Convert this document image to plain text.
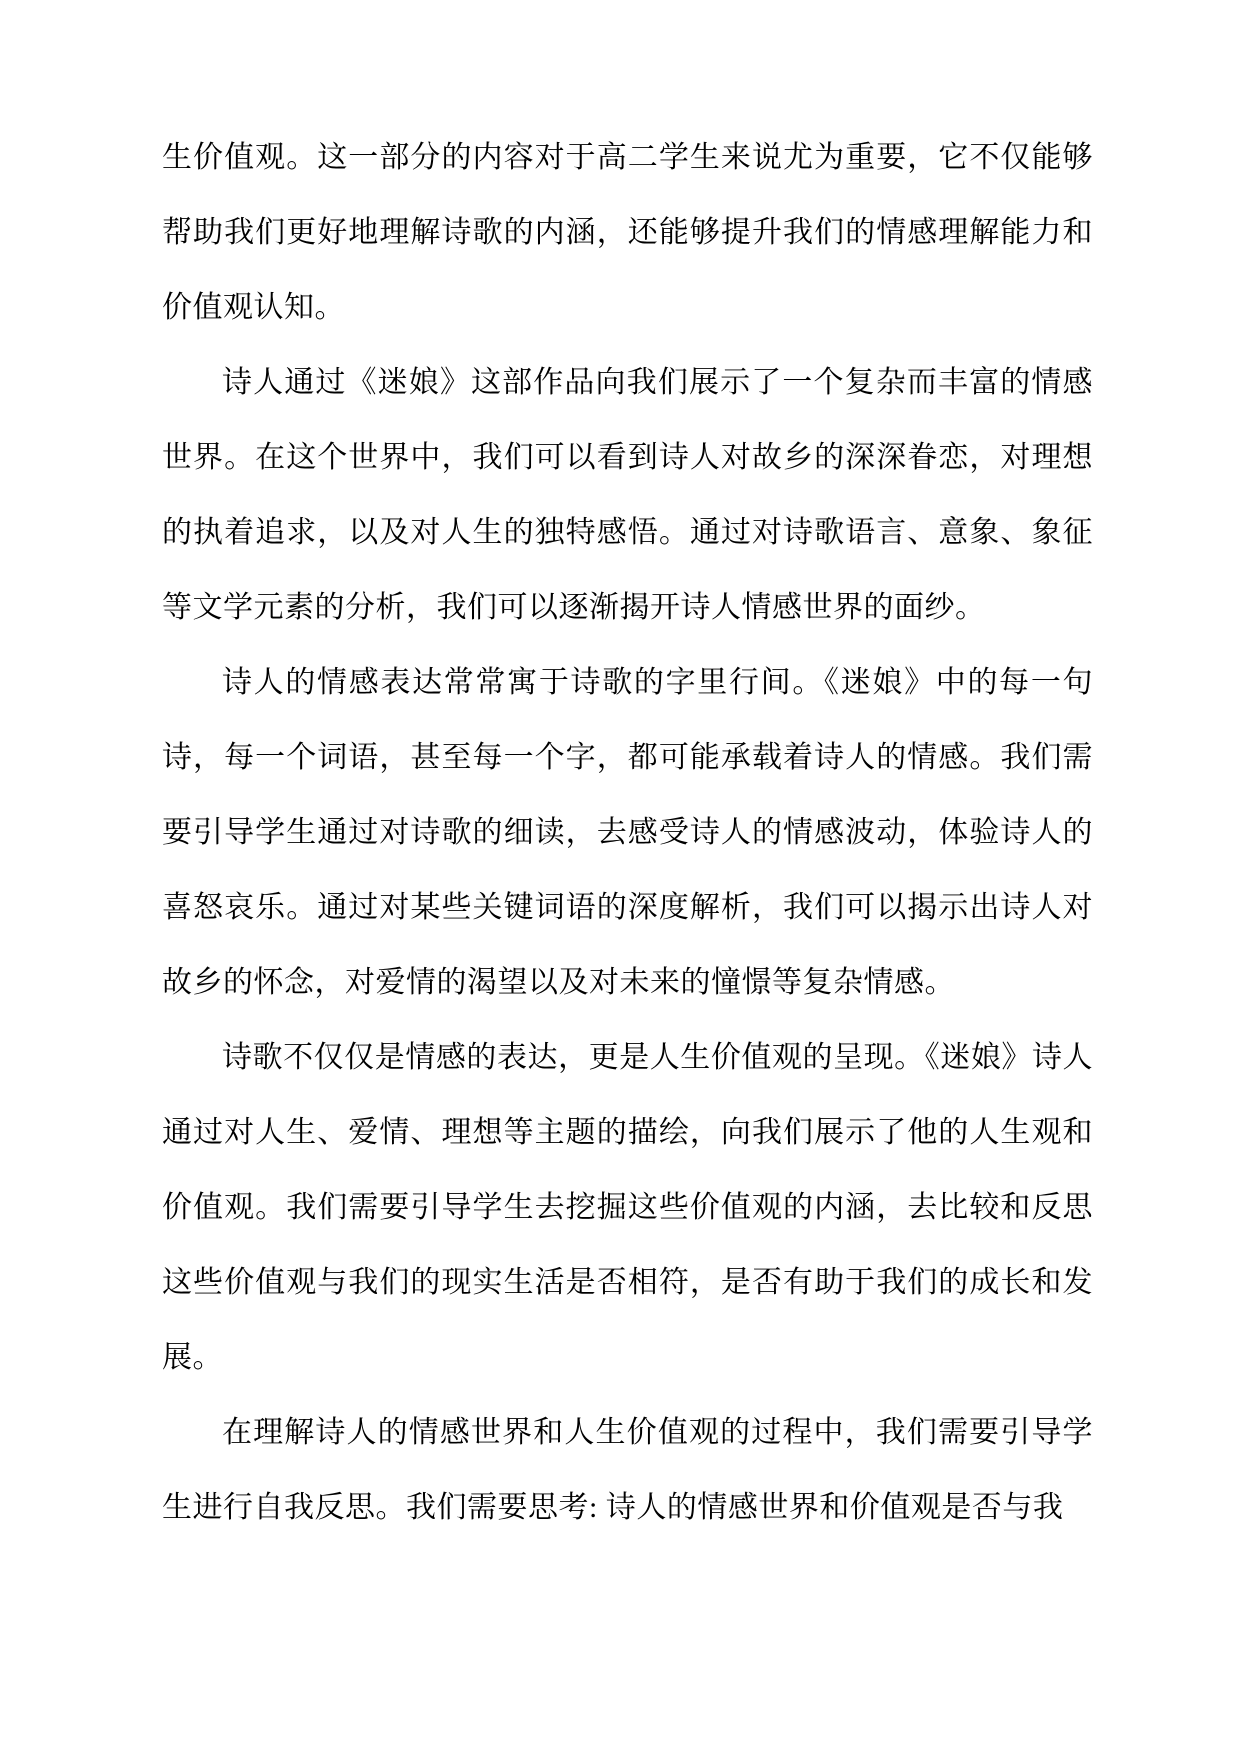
生价值观。这一部分的内容对于高二学生来说尤为重要，它不仅能够帮助我们更好地理解诗歌的内涵，还能够提升我们的情感理解能力和价值观认知。

诗人通过《迷娘》这部作品向我们展示了一个复杂而丰富的情感世界。在这个世界中，我们可以看到诗人对故乡的深深眷恋，对理想的执着追求，以及对人生的独特感悟。通过对诗歌语言、意象、象征等文学元素的分析，我们可以逐渐揭开诗人情感世界的面纱。

诗人的情感表达常常寓于诗歌的字里行间。《迷娘》中的每一句诗，每一个词语，甚至每一个字，都可能承载着诗人的情感。我们需要引导学生通过对诗歌的细读，去感受诗人的情感波动，体验诗人的喜怒哀乐。通过对某些关键词语的深度解析，我们可以揭示出诗人对故乡的怀念，对爱情的渴望以及对未来的憧憬等复杂情感。

诗歌不仅仅是情感的表达，更是人生价值观的呈现。《迷娘》诗人通过对人生、爱情、理想等主题的描绘，向我们展示了他的人生观和价值观。我们需要引导学生去挖掘这些价值观的内涵，去比较和反思这些价值观与我们的现实生活是否相符，是否有助于我们的成长和发展。

在理解诗人的情感世界和人生价值观的过程中，我们需要引导学生进行自我反思。我们需要思考: 诗人的情感世界和价值观是否与我
